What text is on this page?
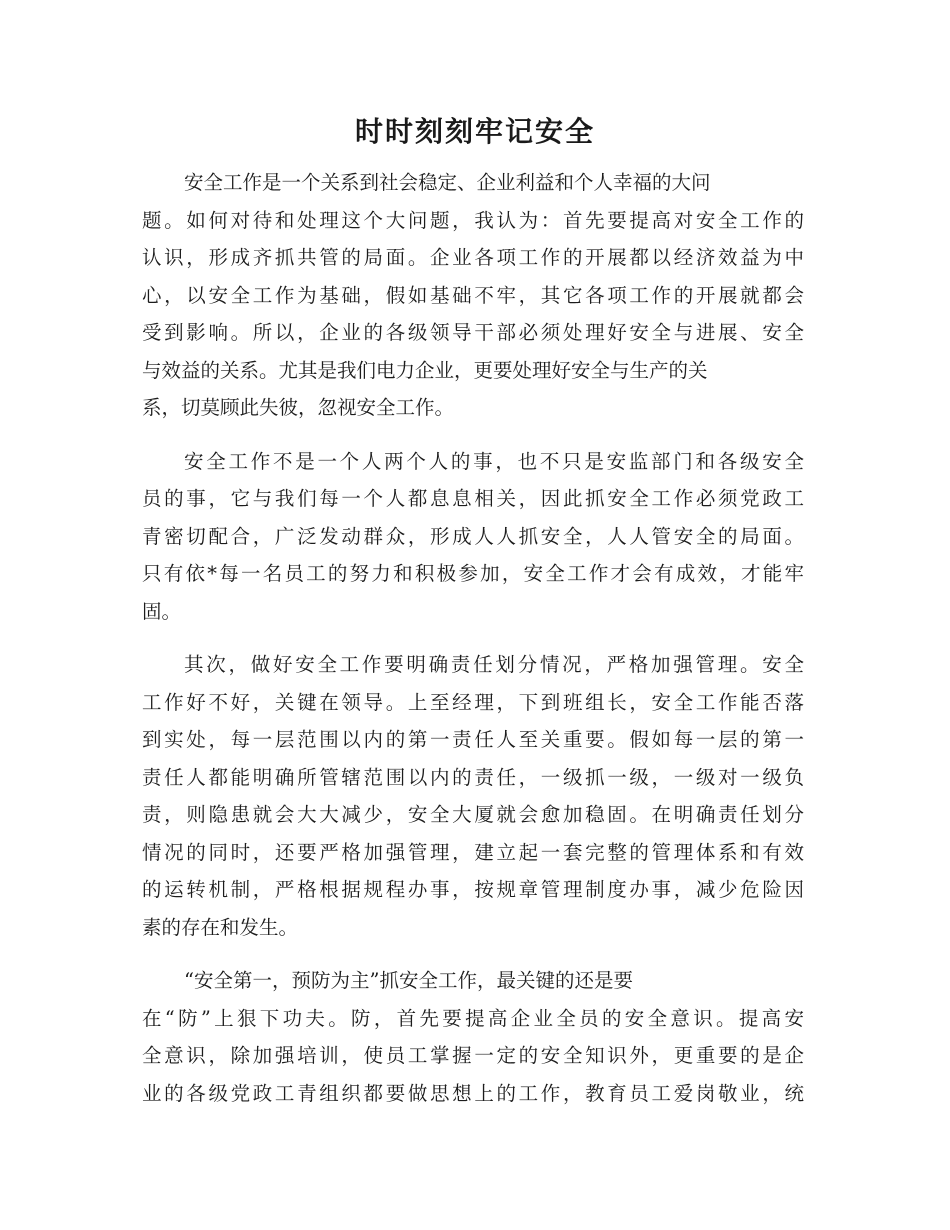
时时刻刻牢记安全
安全工作是一个关系到社会稳定、企业利益和个人幸福的大问
题。如何对待和处理这个大问题，我认为：首先要提高对安全工作的
认识，形成齐抓共管的局面。企业各项工作的开展都以经济效益为中
心，以安全工作为基础，假如基础不牢，其它各项工作的开展就都会
受到影响。所以，企业的各级领导干部必须处理好安全与进展、安全
与效益的关系。尤其是我们电力企业，更要处理好安全与生产的关
系，切莫顾此失彼，忽视安全工作。
安全工作不是一个人两个人的事，也不只是安监部门和各级安全
员的事，它与我们每一个人都息息相关，因此抓安全工作必须党政工
青密切配合，广泛发动群众，形成人人抓安全，人人管安全的局面。
只有依*每一名员工的努力和积极参加，安全工作才会有成效，才能牢
固。
其次，做好安全工作要明确责任划分情况，严格加强管理。安全
工作好不好，关键在领导。上至经理，下到班组长，安全工作能否落
到实处，每一层范围以内的第一责任人至关重要。假如每一层的第一
责任人都能明确所管辖范围以内的责任，一级抓一级，一级对一级负
责，则隐患就会大大减少，安全大厦就会愈加稳固。在明确责任划分
情况的同时，还要严格加强管理，建立起一套完整的管理体系和有效
的运转机制，严格根据规程办事，按规章管理制度办事，减少危险因
素的存在和发生。
“安全第一，预防为主”抓安全工作，最关键的还是要
在“防”上狠下功夫。防，首先要提高企业全员的安全意识。提高安
全意识，除加强培训，使员工掌握一定的安全知识外，更重要的是企
业的各级党政工青组织都要做思想上的工作，教育员工爱岗敬业，统
